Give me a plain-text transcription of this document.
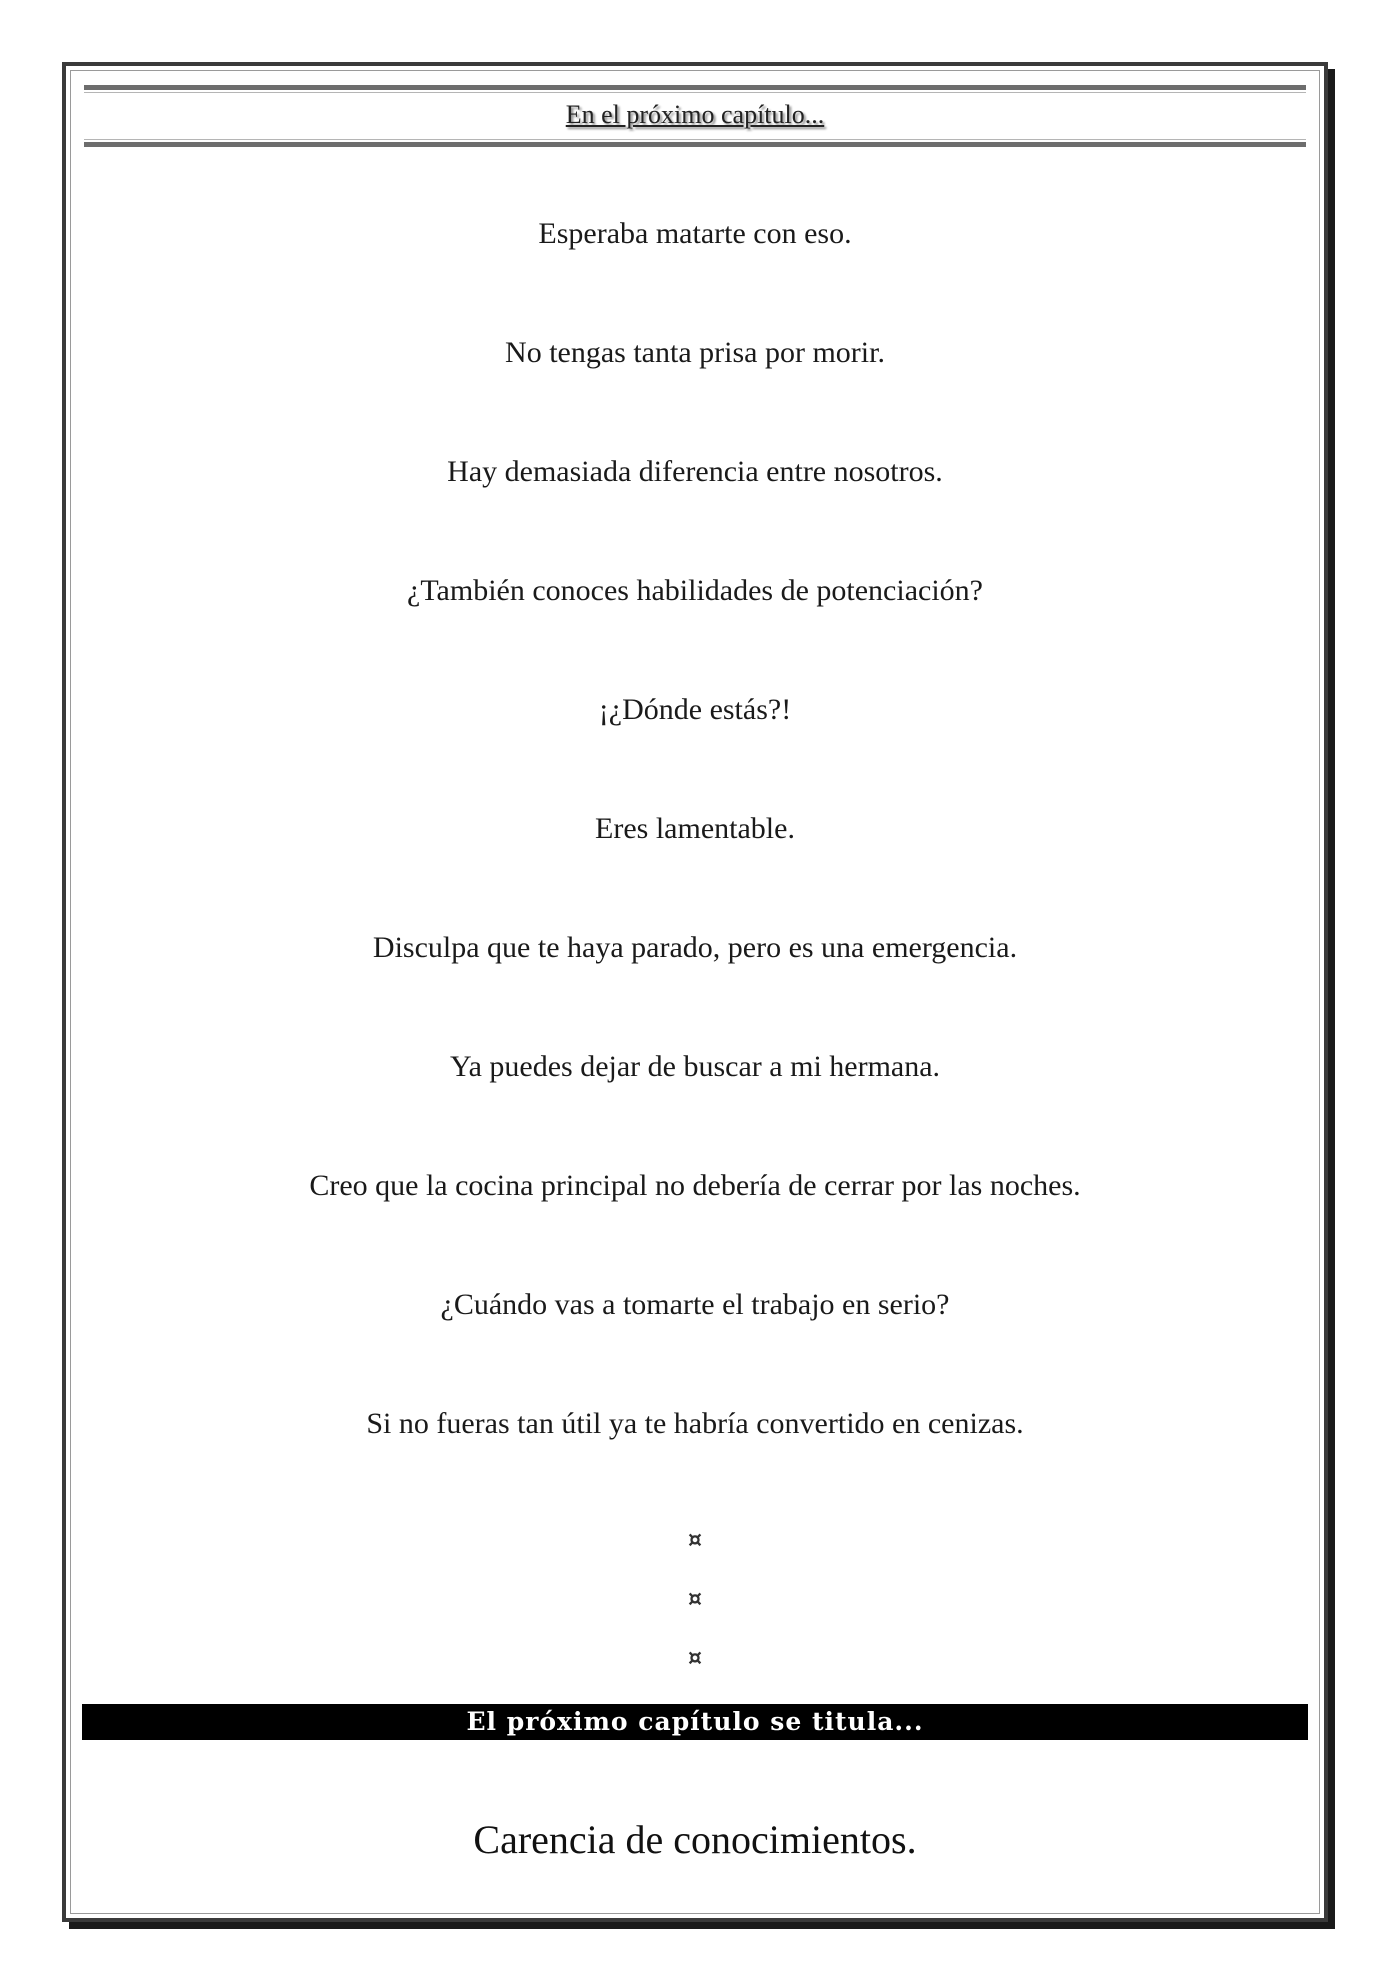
En el próximo capítulo...
Esperaba matarte con eso.
No tengas tanta prisa por morir.
Hay demasiada diferencia entre nosotros.
¿También conoces habilidades de potenciación?
¡¿Dónde estás?!
Eres lamentable.
Disculpa que te haya parado, pero es una emergencia.
Ya puedes dejar de buscar a mi hermana.
Creo que la cocina principal no debería de cerrar por las noches.
¿Cuándo vas a tomarte el trabajo en serio?
Si no fueras tan útil ya te habría convertido en cenizas.
¤
¤
¤
El próximo capítulo se titula...
Carencia de conocimientos.
